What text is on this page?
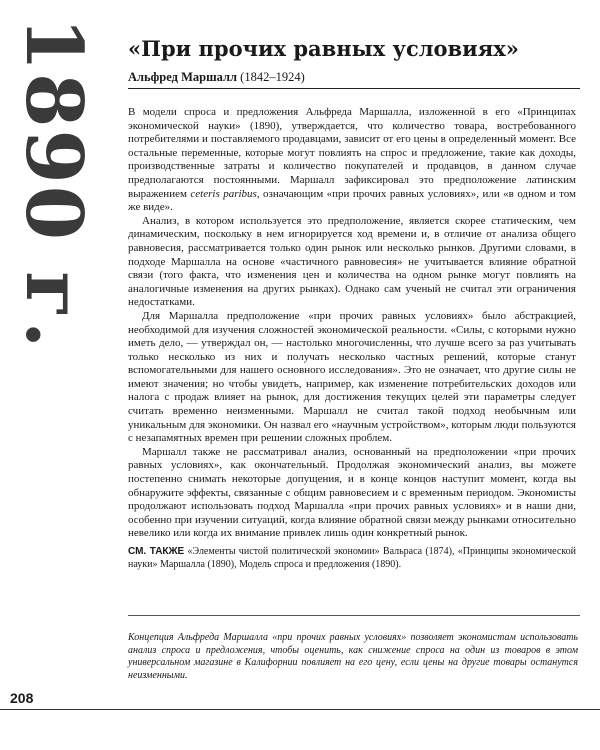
1890 г. «При прочих равных условиях»
Альфред Маршалл (1842–1924)

В модели спроса и предложения Альфреда Маршалла, изложенной в его «Принципах экономической науки» (1890), утверждается, что количество товара, востребованного потребителями и поставляемого продавцами, зависит от его цены в определенный момент. Все остальные переменные, которые могут повлиять на спрос и предложение, такие как доходы, производственные затраты и количество покупателей и продавцов, в данном случае предполагаются постоянными. Маршалл зафиксировал это предположение латинским выражением ceteris paribus, означающим «при прочих равных условиях», или «в одном и том же виде».

Анализ, в котором используется это предположение, является скорее статическим, чем динамическим, поскольку в нем игнорируется ход времени и, в отличие от анализа общего равновесия, рассматривается только один рынок или несколько рынков. Другими словами, в подходе Маршалла на основе «частичного равновесия» не учитывается влияние обратной связи (того факта, что изменения цен и количества на одном рынке могут повлиять на аналогичные изменения на других рынках). Однако сам ученый не считал эти ограничения недостатками.

Для Маршалла предположение «при прочих равных условиях» было абстракцией, необходимой для изучения сложностей экономической реальности. «Силы, с которыми нужно иметь дело, — утверждал он, — настолько многочисленны, что лучше всего за раз учитывать только несколько из них и получать несколько частных решений, которые станут вспомогательными для нашего основного исследования». Это не означает, что другие силы не имеют значения; но чтобы увидеть, например, как изменение потребительских доходов или налога с продаж влияет на рынок, для достижения текущих целей эти параметры следует считать временно неизменными. Маршалл не считал такой подход необычным или уникальным для экономики. Он назвал его «научным устройством», которым люди пользуются с незапамятных времен при решении сложных проблем.

Маршалл также не рассматривал анализ, основанный на предположении «при прочих равных условиях», как окончательный. Продолжая экономический анализ, вы можете постепенно снимать некоторые допущения, и в конце концов наступит момент, когда вы обнаружите эффекты, связанные с общим равновесием и с временным периодом. Экономисты продолжают использовать подход Маршалла «при прочих равных условиях» и в наши дни, особенно при изучении ситуаций, когда влияние обратной связи между рынками относительно невелико или когда их внимание привлек лишь один конкретный рынок.

СМ. ТАКЖЕ «Элементы чистой политической экономии» Вальраса (1874), «Принципы экономической науки» Маршалла (1890), Модель спроса и предложения (1890).
Концепция Альфреда Маршалла «при прочих равных условиях» позволяет экономистам использовать анализ спроса и предложения, чтобы оценить, как снижение спроса на один из товаров в этом универсальном магазине в Калифорнии повлияет на его цену, если цены на другие товары останутся неизменными.
208
